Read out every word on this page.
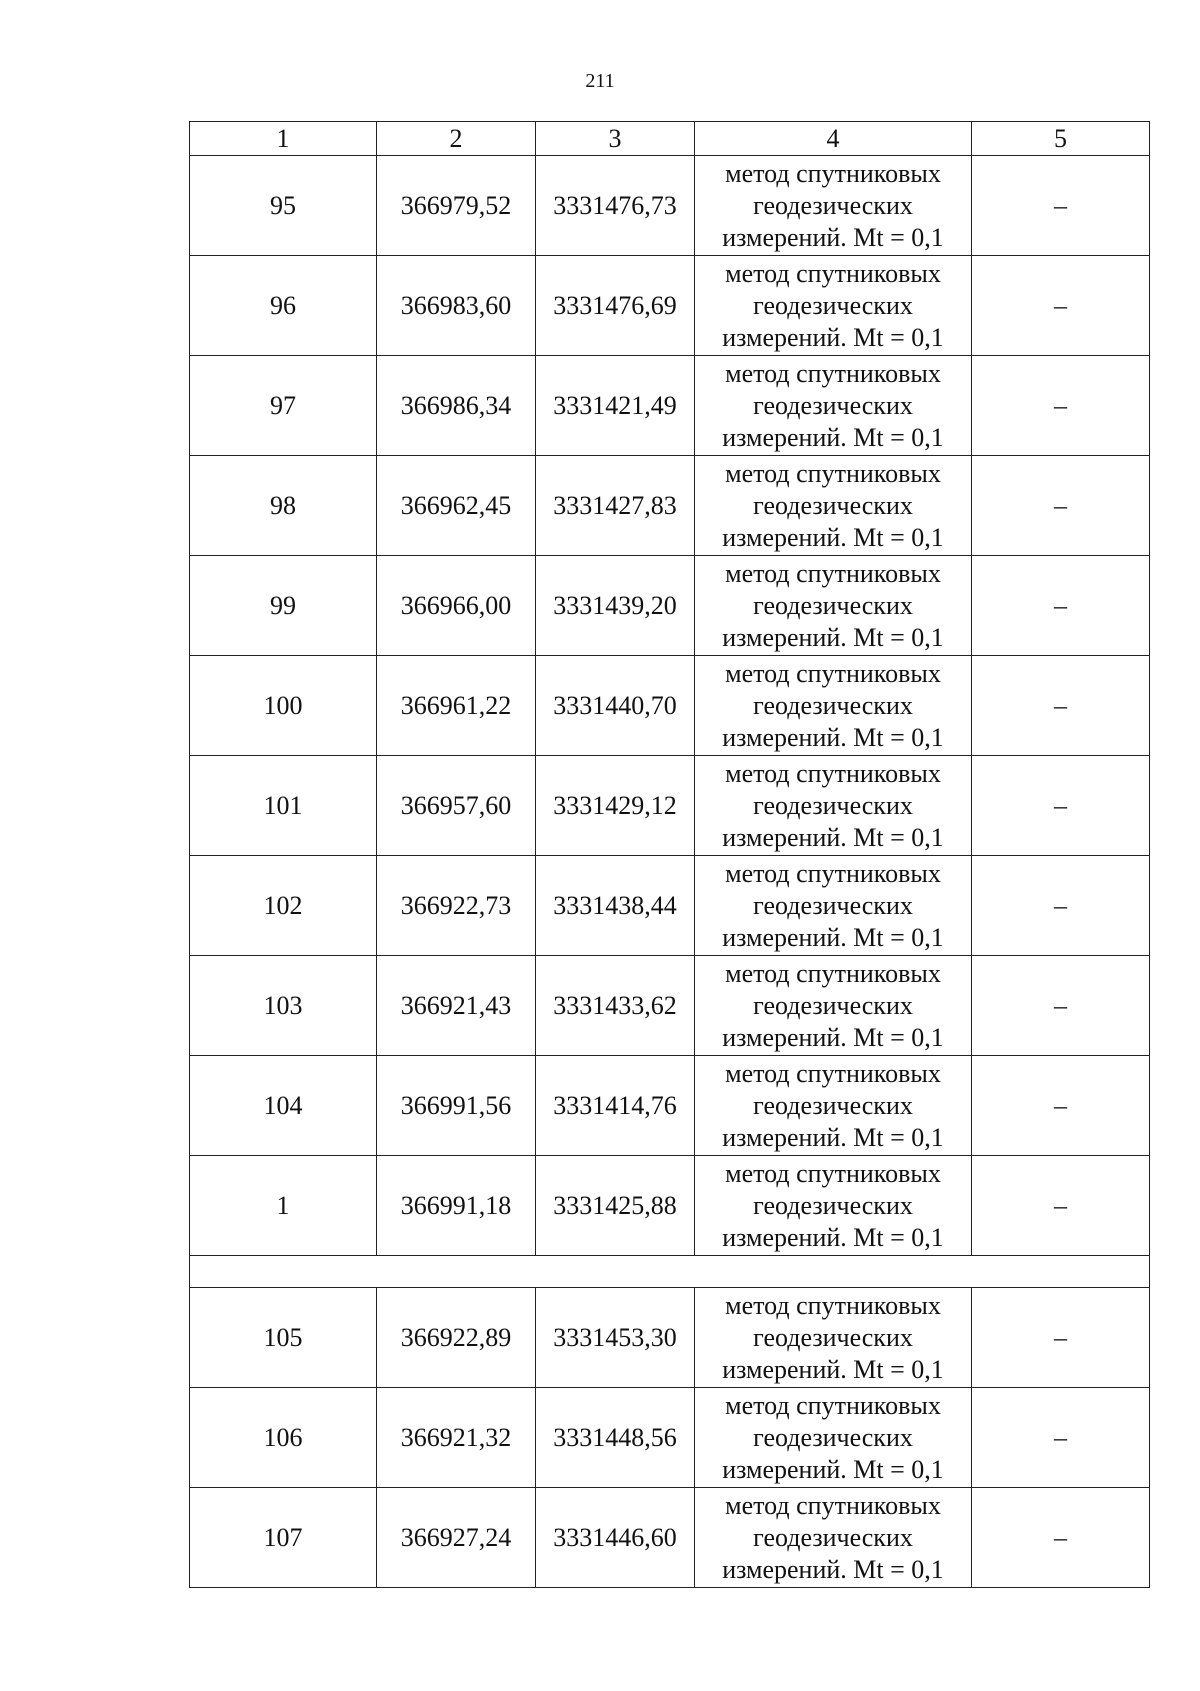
211
1	2	3	4	5
95	366979,52	3331476,73	метод спутниковых
геодезических
измерений. Mt = 0,1	–
96	366983,60	3331476,69	метод спутниковых
геодезических
измерений. Mt = 0,1	–
97	366986,34	3331421,49	метод спутниковых
геодезических
измерений. Mt = 0,1	–
98	366962,45	3331427,83	метод спутниковых
геодезических
измерений. Mt = 0,1	–
99	366966,00	3331439,20	метод спутниковых
геодезических
измерений. Mt = 0,1	–
100	366961,22	3331440,70	метод спутниковых
геодезических
измерений. Mt = 0,1	–
101	366957,60	3331429,12	метод спутниковых
геодезических
измерений. Mt = 0,1	–
102	366922,73	3331438,44	метод спутниковых
геодезических
измерений. Mt = 0,1	–
103	366921,43	3331433,62	метод спутниковых
геодезических
измерений. Mt = 0,1	–
104	366991,56	3331414,76	метод спутниковых
геодезических
измерений. Mt = 0,1	–
1	366991,18	3331425,88	метод спутниковых
геодезических
измерений. Mt = 0,1	–

105	366922,89	3331453,30	метод спутниковых
геодезических
измерений. Mt = 0,1	–
106	366921,32	3331448,56	метод спутниковых
геодезических
измерений. Mt = 0,1	–
107	366927,24	3331446,60	метод спутниковых
геодезических
измерений. Mt = 0,1	–
